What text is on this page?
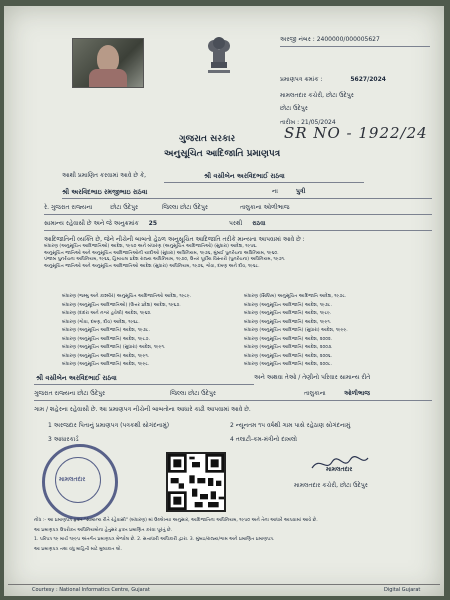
અરજી નંબર : 2400000/000005627
પ્રમાણપત્ર ક્રમાંક :	5627/2024
મામલતદાર કચેરી, છોટા ઉદેપુર
છોટા ઉદેપુર
તારીખ : 21/05/2024
SR NO - 1922/24
ગુજરાત સરકાર
અનુસૂચિત આદિજાતિ પ્રમાણપત્ર
આથી પ્રમાણિત કરવામાં આવે છે કે,	શ્રી વસીબેન અરવિંદભાઈ રાઠવા
શ્રી અરવિંદભાઇ રમજીભાઇ રાઠવા	ના	પુત્રી
રે. ગુજરાત રાજ્યના	છોટા ઉદેપુર	જિલ્લા છોટા ઉદેપુર	તાલુકાના ઓળીભાજ
સામાન્ય રહેવાસી છે અને જે અનુક્રમાંક 25	પરથી રાઠવા
આદિજાતિની વ્યક્તિ છે, જેને નીચેની બાબતો હેઠળ અનુસૂચિત આદિજાતિ તરીકે માન્યતા આપવામાં આવે છે :
બંધારણ (અનુસૂચિત આદિજાતિઓ) આદેશ, ૧૯૫૦ અને બંધારણ (અનુસૂચિત આદિજાતિઓ) (સુધારા) આદેશ, ૧૯૫૬.
અનુસૂચિત જાતિઓ અને અનુસૂચિત આદિજાતિઓની યાદીઓ (સુધારા) અધિનિયમ, ૧૯૭૬, મુંબઈ પુનર્રચના અધિનિયમ, ૧૯૬૦.
પંજાબ પુનર્રચના અધિનિયમ, ૧૯૬૬, હિમાચલ પ્રદેશ રાજ્ય અધિનિયમ, ૧૯૭૦, ઉત્તર પૂર્વીય વિસ્તારો (પુનર્રચના) અધિનિયમ, ૧૯૭૧.
અનુસૂચિત જાતિઓ અને અનુસૂચિત આદિજાતિઓ આદેશ (સુધારા) અધિનિયમ, ૧૯૭૬, ગોવા, દમણ અને દીવ, ૧૯૬૮.
બંધારણ (જમ્મુ અને કાશ્મીર) અનુસૂચિત આદિજાતિઓ આદેશ, ૧૯૮૯.
બંધારણ (અનુસૂચિત આદિજાતિઓ) (ઉત્તર પ્રદેશ) આદેશ, ૧૯૬૭.
બંધારણ (દાદરા અને નગર હવેલી) આદેશ, ૧૯૬૨.
બંધારણ (ગોવા, દમણ, દીવ) આદેશ, ૧૯૬૮.
બંધારણ (અનુસૂચિત આદિજાતિ) આદેશ, ૧૯૭૮.
બંધારણ (અનુસૂચિત આદિજાતિ) આદેશ, ૧૯૮૭.
બંધારણ (અનુસૂચિત આદિજાતિ) (સુધારા) આદેશ, ૧૯૯૧.
બંધારણ (અનુસૂચિત આદિજાતિ) આદેશ, ૧૯૯૧.
બંધારણ (અનુસૂચિત આદિજાતિ) આદેશ, ૧૯૯૮.
બંધારણ (સિક્કિમ) અનુસૂચિત આદિજાતિ આદેશ, ૧૯૭૮.
બંધારણ (અનુસૂચિત આદિજાતિ) આદેશ, ૧૯૭૮.
બંધારણ (અનુસૂચિત આદિજાતિ) આદેશ, ૧૯૮૯.
બંધારણ (અનુસૂચિત આદિજાતિ) આદેશ, ૧૯૯૧.
બંધારણ (અનુસૂચિત આદિજાતિ) (સુધારા) આદેશ, ૧૯૯૯.
બંધારણ (અનુસૂચિત આદિજાતિ) આદેશ, ૨૦૦૨.
બંધારણ (અનુસૂચિત આદિજાતિ) આદેશ, ૨૦૦૩.
બંધારણ (અનુસૂચિત આદિજાતિ) આદેશ, ૨૦૦૬.
બંધારણ (અનુસૂચિત આદિજાતિ) આદેશ, ૨૦૦૮.
શ્રી વસીબેન અરવિંદભાઈ રાઠવા	અને અથવા તેઓ / તેણીનો પરિવાર સામાન્ય રીતે
ગુજરાત રાજ્યના છોટા ઉદેપુર	જિલ્લા છોટા ઉદેપુર	તાલુકાના	ઓળીભાજ
ગામ / શહેરના રહેવાસી છે. આ પ્રમાણપત્ર નીચેની બાબતોના આધારે કાઢી આપવામાં આવે છે.
1 અરજદાર પિતાનું પ્રમાણપત્ર (પત્રકથી સોગંદનામું)	2 ન્યૂનતમ ૧૫ વર્ષથી ગામ પાસે રહેઠાણ સોગંદનામું
3 આધારકાર્ડ	4 તલાટી-કમ-મંત્રીનો દાખલો
મામલતદાર
મામલતદાર
મામલતદાર કચેરી, છોટા ઉદેપુર
નોંધ :- આ પ્રમાણપત્ર ફક્ત "સામાન્ય રીતે રહેવાસી" (બંધારણ) માં ઉલ્લેખ્યા અનુસાર, આદિજાતિના અધિનિયમ, ૧૯૫૦ અને તેના આધારે આપવામાં આવે છે.
આ પ્રમાણપત્ર ઉપરોક્ત અધિનિયમોના હેતુસર ફક્ત પ્રમાણિત કરવા પૂરતું છે.
1. પરિપત્ર ૧૯ માર્ચ ૧૯૯૫ અંતર્ગત પ્રમાણપત્ર મેળવેલ છે. 2. સત્તાધારી અધિકારી દ્વારા. 3. મુંબઇ/રાજ્ય/ગામ અને પ્રમાણિત પ્રમાણપત્ર.
આ પ્રમાણપત્ર તથા વધુ માહિતી માટે મુલાકાત લો.
Courtesy : National Informatics Centre, Gujarat	Digital Gujarat
